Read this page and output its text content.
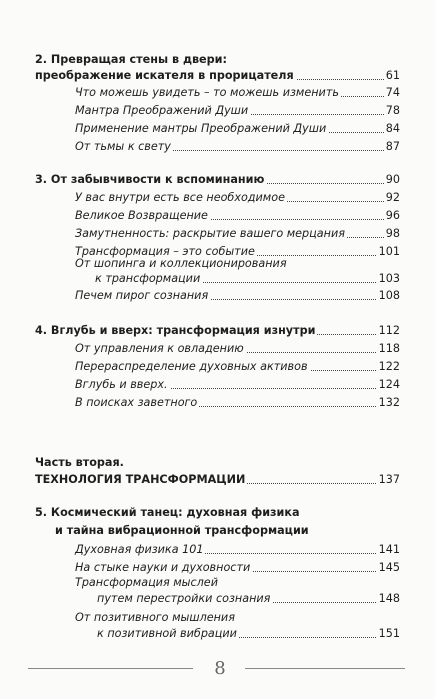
2. Превращая стены в двери:
преображение искателя в прорицателя	61
Что можешь увидеть – то можешь изменить	74
Мантра Преображений Души	78
Применение мантры Преображений Души	84
От тьмы к свету	87
3. От забывчивости к вспоминанию	90
У вас внутри есть все необходимое	92
Великое Возвращение	96
Замутненность: раскрытие вашего мерцания	98
Трансформация – это событие	101
От шопинга и коллекционирования
к трансформации	103
Печем пирог сознания	108
4. Вглубь и вверх: трансформация изнутри	112
От управления к овладению	118
Перераспределение духовных активов	122
Вглубь и вверх.	124
В поисках заветного	132
Часть вторая.
ТЕХНОЛОГИЯ ТРАНСФОРМАЦИИ	137
5. Космический танец: духовная физика
и тайна вибрационной трансформации
Духовная физика 101	141
На стыке науки и духовности	145
Трансформация мыслей
путем перестройки сознания	148
От позитивного мышления
к позитивной вибрации	151
8
